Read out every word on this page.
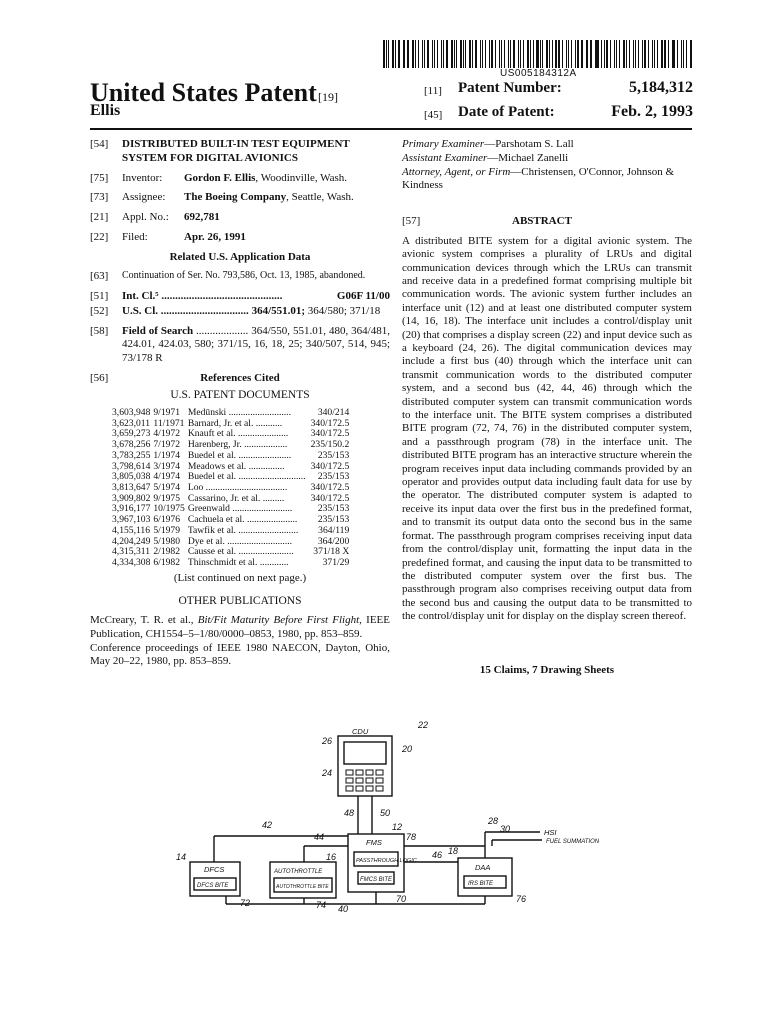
US005184312A
United States Patent [19]
Ellis
[11] Patent Number:	5,184,312
[45] Date of Patent:	Feb. 2, 1993
[54]	DISTRIBUTED BUILT-IN TEST EQUIPMENT SYSTEM FOR DIGITAL AVIONICS
[75]	Inventor: Gordon F. Ellis, Woodinville, Wash.
[73]	Assignee: The Boeing Company, Seattle, Wash.
[21]	Appl. No.: 692,781
[22]	Filed:	Apr. 26, 1991
Related U.S. Application Data
[63]	Continuation of Ser. No. 793,586, Oct. 13, 1985, abandoned.
[51]	Int. Cl.⁵ ............................................	G06F 11/00
[52]	U.S. Cl. ................................ 364/551.01; 364/580; 371/18
[58]	Field of Search ................... 364/550, 551.01, 480, 364/481, 424.01, 424.03, 580; 371/15, 16, 18, 25; 340/507, 514, 945; 73/178 R
[56]	References Cited
U.S. PATENT DOCUMENTS
3,603,948	9/1971	Medūnski ..........................	340/214
3,623,011	11/1971	Barnard, Jr. et al. ...........	340/172.5
3,659,273	4/1972	Knauft et al. .....................	340/172.5
3,678,256	7/1972	Harenberg, Jr. ..................	235/150.2
3,783,255	1/1974	Buedel et al. ......................	235/153
3,798,614	3/1974	Meadows et al. ...............	340/172.5
3,805,038	4/1974	Buedel et al. ............................	235/153
3,813,647	5/1974	Loo ..................................	340/172.5
3,909,802	9/1975	Cassarino, Jr. et al. .........	340/172.5
3,916,177	10/1975	Greenwald .........................	235/153
3,967,103	6/1976	Cachuela et al. .....................	235/153
4,155,116	5/1979	Tawfik et al. .........................	364/119
4,204,249	5/1980	Dye et al. ...........................	364/200
4,315,311	2/1982	Causse et al. .......................	371/18 X
4,334,308	6/1982	Thinschmidt et al. ............	371/29
(List continued on next page.)
OTHER PUBLICATIONS
McCreary, T. R. et al., Bit/Fit Maturity Before First Flight, IEEE Publication, CH1554–5–1/80/0000–0853, 1980, pp. 853–859.
Conference proceedings of IEEE 1980 NAECON, Dayton, Ohio, May 20–22, 1980, pp. 853–859.
Primary Examiner—Parshotam S. Lall
Assistant Examiner—Michael Zanelli
Attorney, Agent, or Firm—Christensen, O'Connor, Johnson & Kindness
[57]	ABSTRACT
A distributed BITE system for a digital avionic system. The avionic system comprises a plurality of LRUs and digital communication devices through which the LRUs can transmit and receive data in a predefined format comprising multiple bit communication words. The avionic system further includes an interface unit (12) and at least one distributed computer system (14, 16, 18). The interface unit includes a control/display unit (20) that comprises a display screen (22) and input device such as a keyboard (24, 26). The digital communication devices may include a first bus (40) through which the interface unit can transmit communication words to the distributed computer system, and a second bus (42, 44, 46) through which the distributed computer system can transmit communication words to the interface unit. The BITE system comprises a distributed BITE program (72, 74, 76) in the distributed computer system, and a passthrough program (78) in the interface unit. The distributed BITE program has an interactive structure wherein the program receives input data including commands provided by an operator and provides output data including fault data for use by the operator. The distributed computer system is adapted to receive its input data over the first bus in the predefined format, and to transmit its output data onto the second bus in the same format. The passthrough program comprises receiving input data from the control/display unit, formatting the input data in the predefined format, and causing the input data to be transmitted to the distributed computer system over the first bus. The passthrough program also comprises receiving output data from the second bus and causing the output data to be transmitted to the control/display unit for display on the display screen thereof.
15 Claims, 7 Drawing Sheets
CDU
FMS
PASSTHROUGH LOGIC
FMCS BITE
DFCS
DFCS BITE
AUTOTHROTTLE
AUTOTHROTTLE BITE
DAA
IRS BITE
HSI
FUEL SUMMATION
22
26
20
24
48	50
42
44
12
78
16
14	46 18
28
30
72	74 40
70	76
